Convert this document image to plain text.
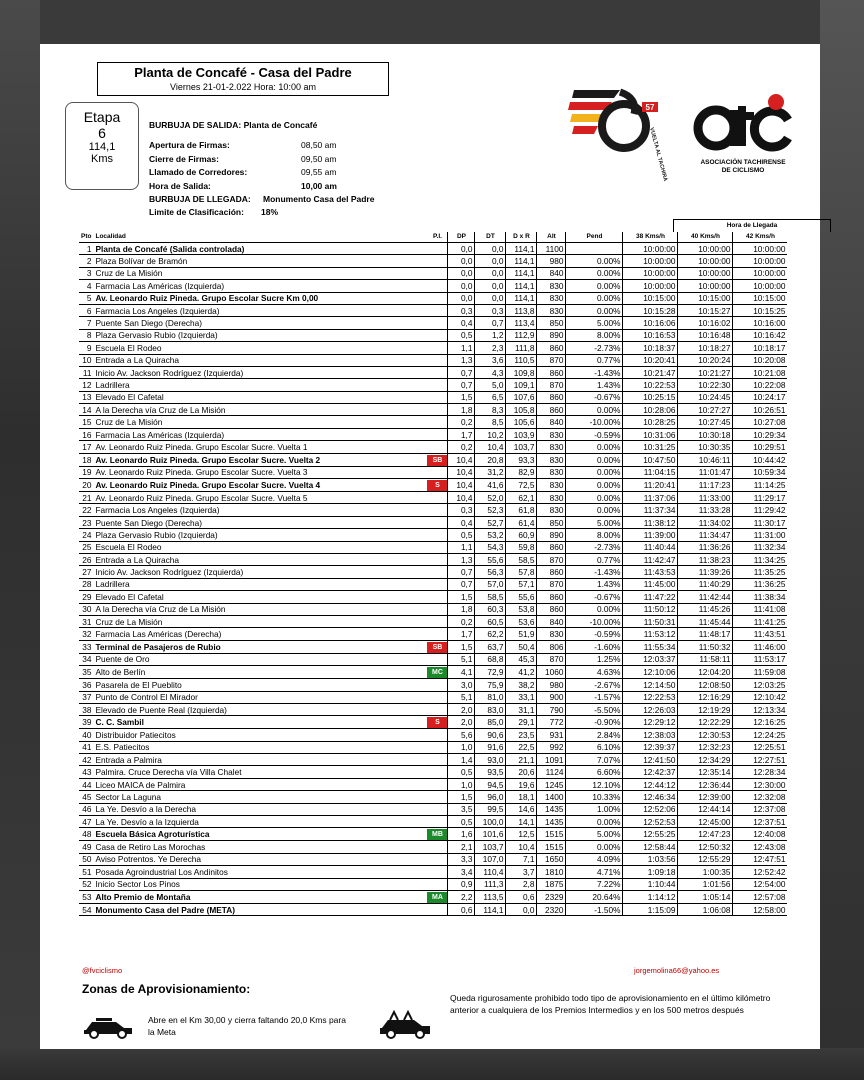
Planta de Concafé - Casa del Padre
Viernes 21-01-2.022 Hora: 10:00 am
Etapa
6
114,1
Kms
BURBUJA DE SALIDA: Planta de Concafé
Apertura de Firmas:	08,50 am
Cierre de Firmas:	09,50 am
Llamado de Corredores:	09,55 am
Hora de Salida:	10,00 am
BURBUJA DE LLEGADA: Monumento Casa del Padre
Limite de Clasificación: 18%
57
VUELTA AL TACHIRA	ASOCIACIÓN TACHIRENSE
DE CICLISMO
Hora de Llegada
Pto	Localidad	P.I.	DP	DT	D x R	Alt	Pend	38 Kms/h	40 Kms/h	42 Kms/h
1	Planta de Concafé (Salida controlada)		0,0	0,0	114,1	1100		10:00:00	10:00:00	10:00:00
2	Plaza Bolívar de Bramón		0,0	0,0	114,1	980	0.00%	10:00:00	10:00:00	10:00:00
3	Cruz de La Misión		0,0	0,0	114,1	840	0.00%	10:00:00	10:00:00	10:00:00
4	Farmacia Las Américas (Izquierda)		0,0	0,0	114,1	830	0.00%	10:00:00	10:00:00	10:00:00
5	Av. Leonardo Ruiz Pineda. Grupo Escolar Sucre Km 0,00		0,0	0,0	114,1	830	0.00%	10:15:00	10:15:00	10:15:00
6	Farmacia Los Angeles (Izquierda)		0,3	0,3	113,8	830	0.00%	10:15:28	10:15:27	10:15:25
7	Puente San Diego (Derecha)		0,4	0,7	113,4	850	5.00%	10:16:06	10:16:02	10:16:00
8	Plaza Gervasio Rubio (Izquierda)		0,5	1,2	112,9	890	8.00%	10:16:53	10:16:48	10:16:42
9	Escuela El Rodeo		1,1	2,3	111,8	860	-2.73%	10:18:37	10:18:27	10:18:17
10	Entrada a La Quiracha		1,3	3,6	110,5	870	0.77%	10:20:41	10:20:24	10:20:08
11	Inicio Av. Jackson Rodríguez (Izquierda)		0,7	4,3	109,8	860	-1.43%	10:21:47	10:21:27	10:21:08
12	Ladrillera		0,7	5,0	109,1	870	1.43%	10:22:53	10:22:30	10:22:08
13	Elevado El Cafetal		1,5	6,5	107,6	860	-0.67%	10:25:15	10:24:45	10:24:17
14	A la Derecha vía Cruz de La Misión		1,8	8,3	105,8	860	0.00%	10:28:06	10:27:27	10:26:51
15	Cruz de La Misión		0,2	8,5	105,6	840	-10.00%	10:28:25	10:27:45	10:27:08
16	Farmacia Las Américas (Izquierda)		1,7	10,2	103,9	830	-0.59%	10:31:06	10:30:18	10:29:34
17	Av. Leonardo Ruiz Pineda. Grupo Escolar Sucre. Vuelta 1		0,2	10,4	103,7	830	0.00%	10:31:25	10:30:35	10:29:51
18	Av. Leonardo Ruiz Pineda. Grupo Escolar Sucre. Vuelta 2	SB	10,4	20,8	93,3	830	0.00%	10:47:50	10:46:11	10:44:42
19	Av. Leonardo Ruiz Pineda. Grupo Escolar Sucre. Vuelta 3		10,4	31,2	82,9	830	0.00%	11:04:15	11:01:47	10:59:34
20	Av. Leonardo Ruiz Pineda. Grupo Escolar Sucre. Vuelta 4	S	10,4	41,6	72,5	830	0.00%	11:20:41	11:17:23	11:14:25
21	Av. Leonardo Ruiz Pineda. Grupo Escolar Sucre. Vuelta 5		10,4	52,0	62,1	830	0.00%	11:37:06	11:33:00	11:29:17
22	Farmacia Los Angeles (Izquierda)		0,3	52,3	61,8	830	0.00%	11:37:34	11:33:28	11:29:42
23	Puente San Diego (Derecha)		0,4	52,7	61,4	850	5.00%	11:38:12	11:34:02	11:30:17
24	Plaza Gervasio Rubio (Izquierda)		0,5	53,2	60,9	890	8.00%	11:39:00	11:34:47	11:31:00
25	Escuela El Rodeo		1,1	54,3	59,8	860	-2.73%	11:40:44	11:36:26	11:32:34
26	Entrada a La Quiracha		1,3	55,6	58,5	870	0.77%	11:42:47	11:38:23	11:34:25
27	Inicio Av. Jackson Rodríguez (Izquierda)		0,7	56,3	57,8	860	-1.43%	11:43:53	11:39:26	11:35:25
28	Ladrillera		0,7	57,0	57,1	870	1.43%	11:45:00	11:40:29	11:36:25
29	Elevado El Cafetal		1,5	58,5	55,6	860	-0.67%	11:47:22	11:42:44	11:38:34
30	A la Derecha vía Cruz de La Misión		1,8	60,3	53,8	860	0.00%	11:50:12	11:45:26	11:41:08
31	Cruz de La Misión		0,2	60,5	53,6	840	-10.00%	11:50:31	11:45:44	11:41:25
32	Farmacia Las Américas (Derecha)		1,7	62,2	51,9	830	-0.59%	11:53:12	11:48:17	11:43:51
33	Terminal de Pasajeros de Rubio	SB	1,5	63,7	50,4	806	-1.60%	11:55:34	11:50:32	11:46:00
34	Puente de Oro		5,1	68,8	45,3	870	1.25%	12:03:37	11:58:11	11:53:17
35	Alto de Berlín	MC	4,1	72,9	41,2	1060	4.63%	12:10:06	12:04:20	11:59:08
36	Pasarela de El Pueblito		3,0	75,9	38,2	980	-2.67%	12:14:50	12:08:50	12:03:25
37	Punto de Control El Mirador		5,1	81,0	33,1	900	-1.57%	12:22:53	12:16:29	12:10:42
38	Elevado de Puente Real (Izquierda)		2,0	83,0	31,1	790	-5.50%	12:26:03	12:19:29	12:13:34
39	C. C. Sambil	S	2,0	85,0	29,1	772	-0.90%	12:29:12	12:22:29	12:16:25
40	Distribuidor Patiecitos		5,6	90,6	23,5	931	2.84%	12:38:03	12:30:53	12:24:25
41	E.S. Patiecitos		1,0	91,6	22,5	992	6.10%	12:39:37	12:32:23	12:25:51
42	Entrada a Palmira		1,4	93,0	21,1	1091	7.07%	12:41:50	12:34:29	12:27:51
43	Palmira. Cruce Derecha vía Villa Chalet		0,5	93,5	20,6	1124	6.60%	12:42:37	12:35:14	12:28:34
44	Liceo MAICA de Palmira		1,0	94,5	19,6	1245	12.10%	12:44:12	12:36:44	12:30:00
45	Sector La Laguna		1,5	96,0	18,1	1400	10.33%	12:46:34	12:39:00	12:32:08
46	La Ye. Desvío a la Derecha		3,5	99,5	14,6	1435	1.00%	12:52:06	12:44:14	12:37:08
47	La Ye. Desvío a la Izquierda		0,5	100,0	14,1	1435	0.00%	12:52:53	12:45:00	12:37:51
48	Escuela Básica Agroturística	MB	1,6	101,6	12,5	1515	5.00%	12:55:25	12:47:23	12:40:08
49	Casa de Retiro Las Morochas		2,1	103,7	10,4	1515	0.00%	12:58:44	12:50:32	12:43:08
50	Aviso Potrentos. Ye Derecha		3,3	107,0	7,1	1650	4.09%	1:03:56	12:55:29	12:47:51
51	Posada Agroindustrial Los Andinitos		3,4	110,4	3,7	1810	4.71%	1:09:18	1:00:35	12:52:42
52	Inicio Sector Los Pinos		0,9	111,3	2,8	1875	7.22%	1:10:44	1:01:56	12:54:00
53	Alto Premio de Montaña	MA	2,2	113,5	0,6	2329	20.64%	1:14:12	1:05:14	12:57:08
54	Monumento Casa del Padre (META)		0,6	114,1	0,0	2320	-1.50%	1:15:09	1:06:08	12:58:00
@fvciclismo	jorgemolina66@yahoo.es
Zonas de Aprovisionamiento:
Abre en el Km 30,00 y cierra faltando 20,0 Kms para la Meta
Queda rigurosamente prohibido todo tipo de aprovisionamiento en el último kilómetro anterior a cualquiera de los Premios Intermedios y en los 500 metros después
